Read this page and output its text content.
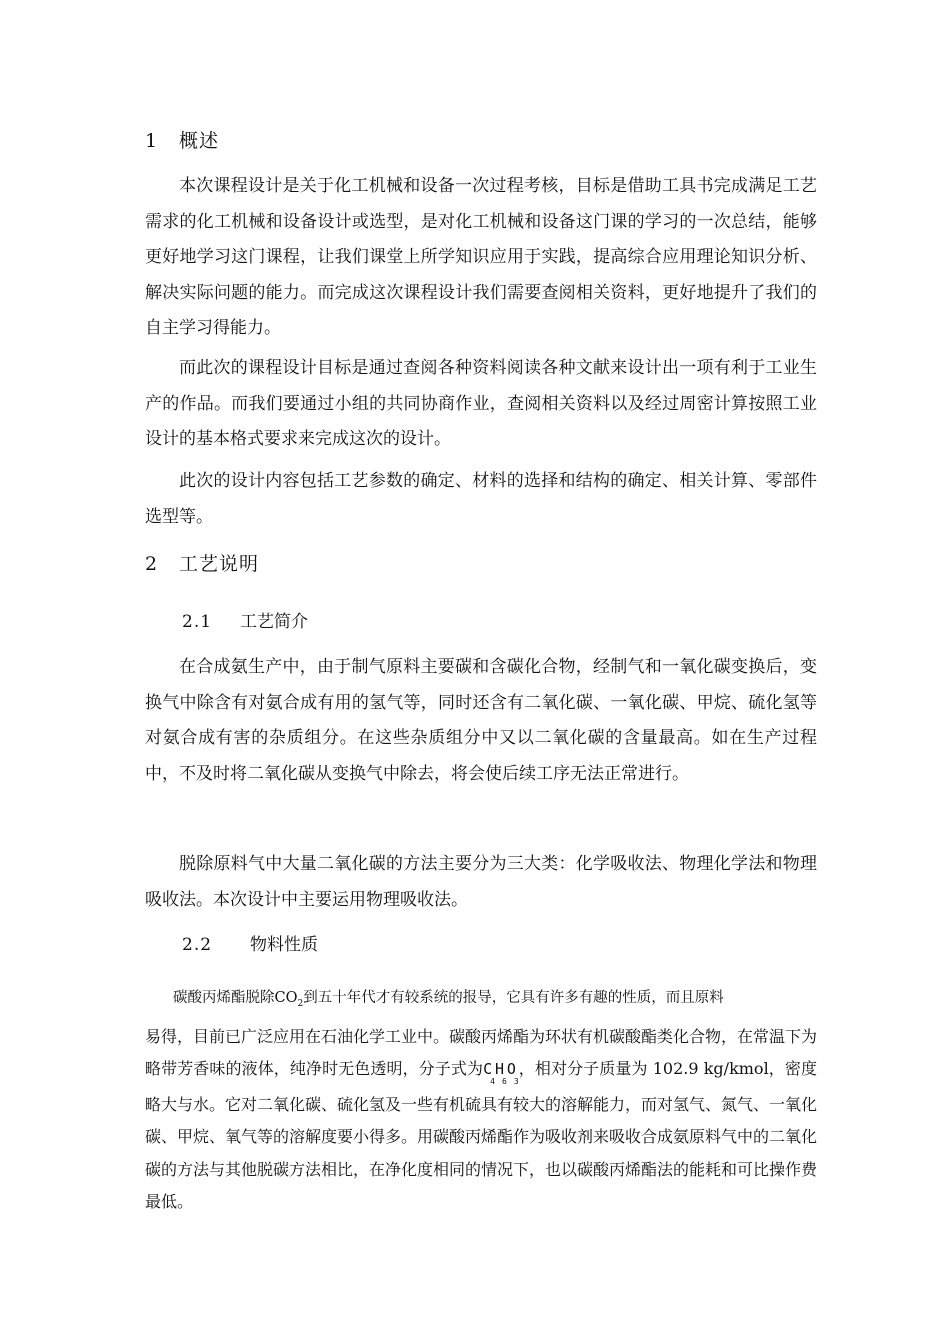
1 概述
本次课程设计是关于化工机械和设备一次过程考核，目标是借助工具书完成满足工艺需求的化工机械和设备设计或选型，是对化工机械和设备这门课的学习的一次总结，能够更好地学习这门课程，让我们课堂上所学知识应用于实践，提高综合应用理论知识分析、解决实际问题的能力。而完成这次课程设计我们需要查阅相关资料，更好地提升了我们的自主学习得能力。
而此次的课程设计目标是通过查阅各种资料阅读各种文献来设计出一项有利于工业生产的作品。而我们要通过小组的共同协商作业，查阅相关资料以及经过周密计算按照工业设计的基本格式要求来完成这次的设计。
此次的设计内容包括工艺参数的确定、材料的选择和结构的确定、相关计算、零部件选型等。
2 工艺说明
2.1 工艺简介
在合成氨生产中，由于制气原料主要碳和含碳化合物，经制气和一氧化碳变换后，变换气中除含有对氨合成有用的氢气等，同时还含有二氧化碳、一氧化碳、甲烷、硫化氢等对氨合成有害的杂质组分。在这些杂质组分中又以二氧化碳的含量最高。如在生产过程中，不及时将二氧化碳从变换气中除去，将会使后续工序无法正常进行。
脱除原料气中大量二氧化碳的方法主要分为三大类：化学吸收法、物理化学法和物理吸收法。本次设计中主要运用物理吸收法。
2.2 物料性质
碳酸丙烯酯脱除$CO_2$到五十年代才有较系统的报导，它具有许多有趣的性质，而且原料
易得，目前已广泛应用在石油化学工业中。碳酸丙烯酯为环状有机碳酸酯类化合物，在常温下为略带芳香味的液体，纯净时无色透明，分子式为$C_4H_6O_3$，相对分子质量为 102.9 kg/kmol，密度略大与水。它对二氧化碳、硫化氢及一些有机硫具有较大的溶解能力，而对氢气、氮气、一氧化碳、甲烷、氧气等的溶解度要小得多。用碳酸丙烯酯作为吸收剂来吸收合成氨原料气中的二氧化碳的方法与其他脱碳方法相比，在净化度相同的情况下，也以碳酸丙烯酯法的能耗和可比操作费最低。
